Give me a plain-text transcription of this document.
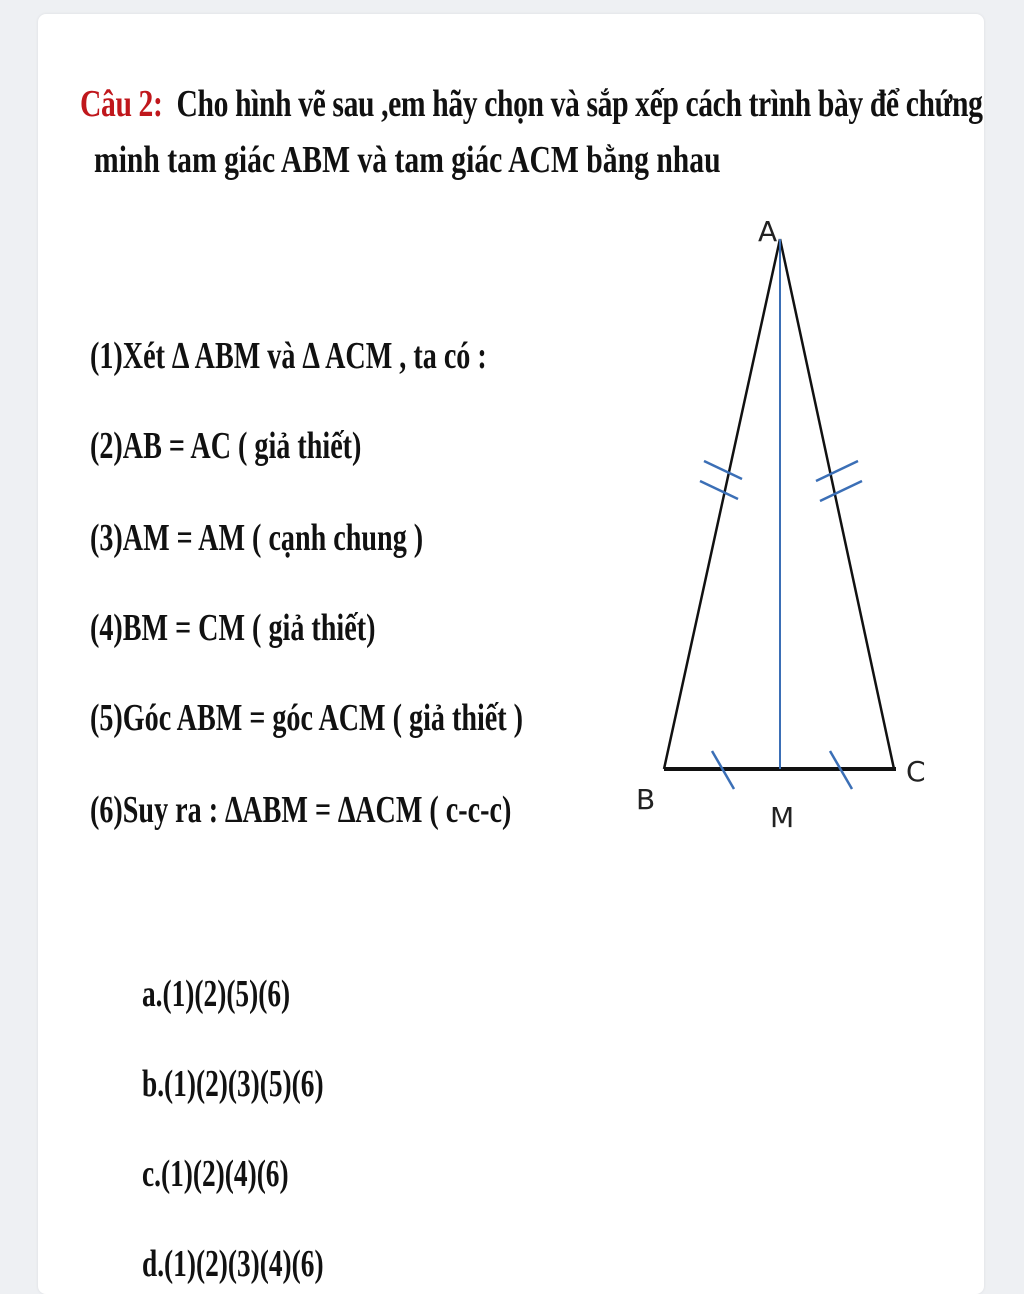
Câu 2: Cho hình vẽ sau ,em hãy chọn và sắp xếp cách trình bày để chứng
minh tam giác ABM và tam giác ACM bằng nhau
(1)Xét ∆ ABM và ∆ ACM , ta có :
(2)AB = AC ( giả thiết)
(3)AM = AM ( cạnh chung )
(4)BM = CM ( giả thiết)
(5)Góc ABM = góc ACM ( giả thiết )
(6)Suy ra : ∆ABM = ∆ACM ( c-c-c)
a.(1)(2)(5)(6)
b.(1)(2)(3)(5)(6)
c.(1)(2)(4)(6)
d.(1)(2)(3)(4)(6)
A
B
C
M
